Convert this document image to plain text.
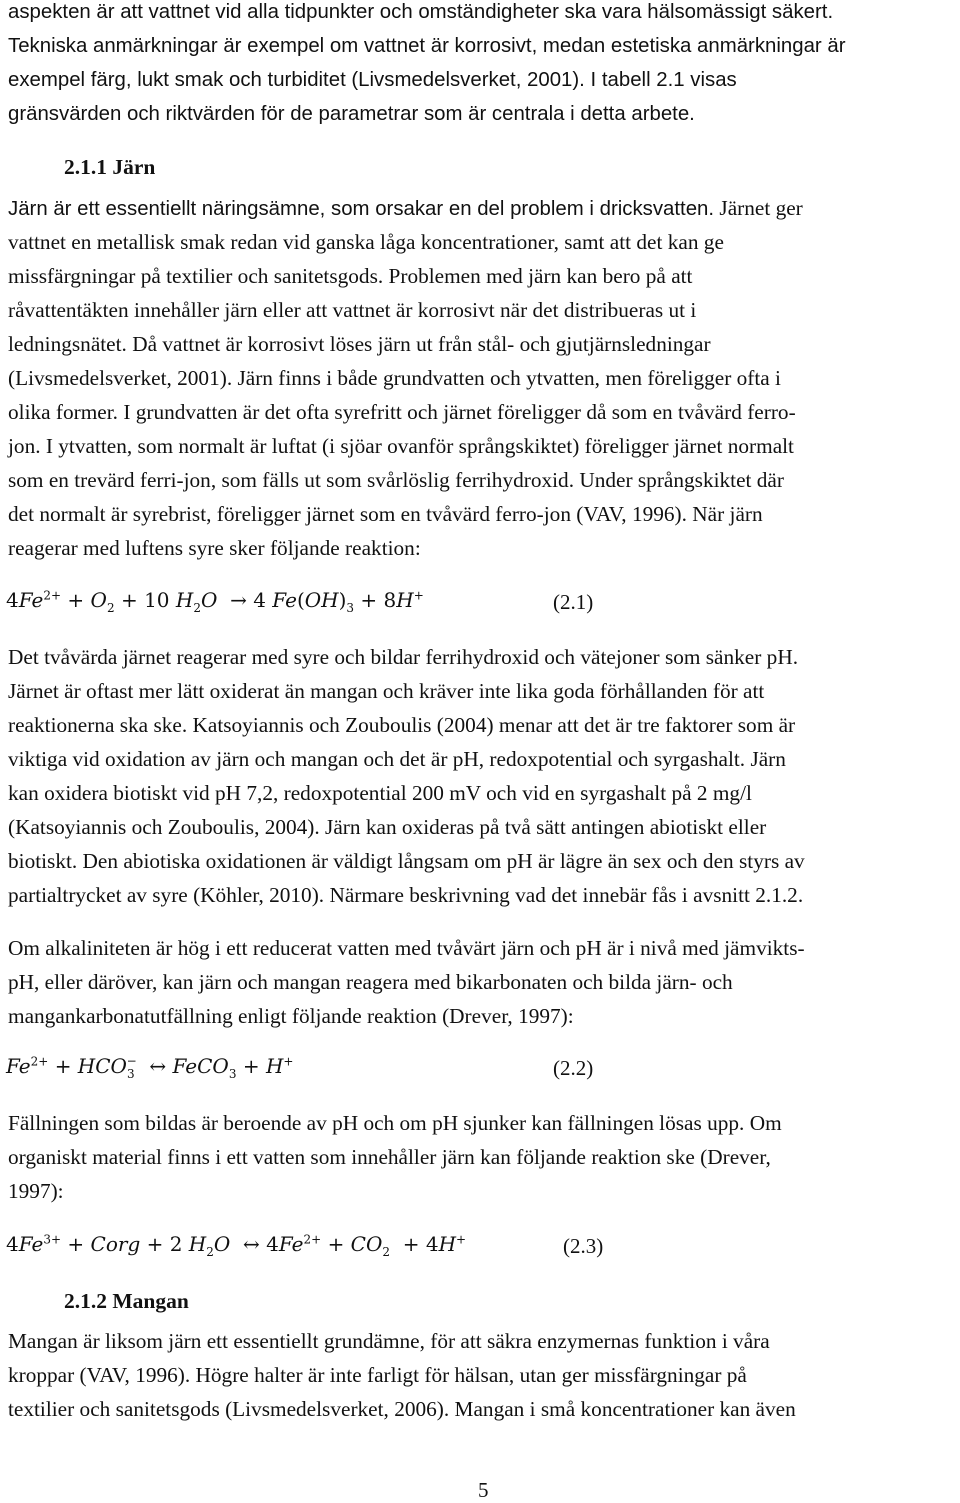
aspekten är att vattnet vid alla tidpunkter och omständigheter ska vara hälsomässigt säkert.
Tekniska anmärkningar är exempel om vattnet är korrosivt, medan estetiska anmärkningar är
exempel färg, lukt smak och turbiditet (Livsmedelsverket, 2001). I tabell 2.1 visas
gränsvärden och riktvärden för de parametrar som är centrala i detta arbete.
2.1.1 Järn
Järn är ett essentiellt näringsämne, som orsakar en del problem i dricksvatten. Järnet ger
vattnet en metallisk smak redan vid ganska låga koncentrationer, samt att det kan ge
missfärgningar på textilier och sanitetsgods. Problemen med järn kan bero på att
råvattentäkten innehåller järn eller att vattnet är korrosivt när det distribueras ut i
ledningsnätet. Då vattnet är korrosivt löses järn ut från stål- och gjutjärnsledningar
(Livsmedelsverket, 2001). Järn finns i både grundvatten och ytvatten, men föreligger ofta i
olika former. I grundvatten är det ofta syrefritt och järnet föreligger då som en tvåvärd ferro-
jon. I ytvatten, som normalt är luftat (i sjöar ovanför språngskiktet) föreligger järnet normalt
som en trevärd ferri-jon, som fälls ut som svårlöslig ferrihydroxid. Under språngskiktet där
det normalt är syrebrist, föreligger järnet som en tvåvärd ferro-jon (VAV, 1996). När järn
reagerar med luftens syre sker följande reaktion:
$4Fe^{2+} + O_2 + 10$ $H_2O \to 4$ $Fe(OH)_3 + 8H^+$	(2.1)
Det tvåvärda järnet reagerar med syre och bildar ferrihydroxid och vätejoner som sänker pH.
Järnet är oftast mer lätt oxiderat än mangan och kräver inte lika goda förhållanden för att
reaktionerna ska ske. Katsoyiannis och Zouboulis (2004) menar att det är tre faktorer som är
viktiga vid oxidation av järn och mangan och det är pH, redoxpotential och syrgashalt. Järn
kan oxidera biotiskt vid pH 7,2, redoxpotential 200 mV och vid en syrgashalt på 2 mg/l
(Katsoyiannis och Zouboulis, 2004). Järn kan oxideras på två sätt antingen abiotiskt eller
biotiskt. Den abiotiska oxidationen är väldigt långsam om pH är lägre än sex och den styrs av
partialtrycket av syre (Köhler, 2010). Närmare beskrivning vad det innebär fås i avsnitt 2.1.2.
Om alkaliniteten är hög i ett reducerat vatten med tvåvärt järn och pH är i nivå med jämvikts-
pH, eller däröver, kan järn och mangan reagera med bikarbonaten och bilda järn- och
mangankarbonatutfällning enligt följande reaktion (Drever, 1997):
$Fe^{2+} + HCO_3^-$  ↔ FeCO$_3$ + H+	(2.2)
Fällningen som bildas är beroende av pH och om pH sjunker kan fällningen lösas upp. Om
organiskt material finns i ett vatten som innehåller järn kan följande reaktion ske (Drever,
1997):
$4Fe^{3+}$ + Corg + 2 $H_2O$  ↔ $4Fe^{2+} + CO_2 + 4H^+$	(2.3)
2.1.2 Mangan
Mangan är liksom järn ett essentiellt grundämne, för att säkra enzymernas funktion i våra
kroppar (VAV, 1996). Högre halter är inte farligt för hälsan, utan ger missfärgningar på
textilier och sanitetsgods (Livsmedelsverket, 2006). Mangan i små koncentrationer kan även
5
